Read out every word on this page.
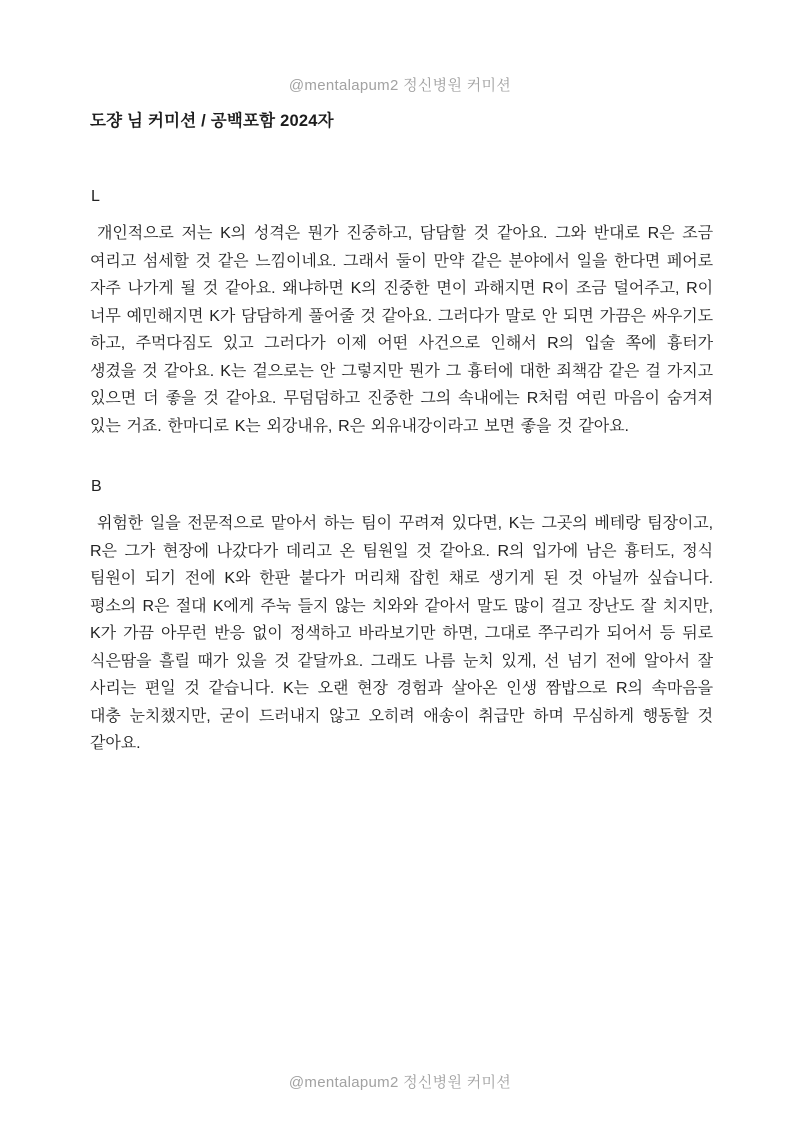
@mentalapum2 정신병원 커미션
도쟝 님 커미션 / 공백포함 2024자
L

개인적으로 저는 K의 성격은 뭔가 진중하고, 담담할 것 같아요. 그와 반대로 R은 조금 여리고 섬세할 것 같은 느낌이네요. 그래서 둘이 만약 같은 분야에서 일을 한다면 페어로 자주 나가게 될 것 같아요. 왜냐하면 K의 진중한 면이 과해지면 R이 조금 덜어주고, R이 너무 예민해지면 K가 담담하게 풀어줄 것 같아요. 그러다가 말로 안 되면 가끔은 싸우기도 하고, 주먹다짐도 있고 그러다가 이제 어떤 사건으로 인해서 R의 입술 쪽에 흉터가 생겼을 것 같아요. K는 겉으로는 안 그렇지만 뭔가 그 흉터에 대한 죄책감 같은 걸 가지고 있으면 더 좋을 것 같아요. 무덤덤하고 진중한 그의 속내에는 R처럼 여린 마음이 숨겨져 있는 거죠. 한마디로 K는 외강내유, R은 외유내강이라고 보면 좋을 것 같아요.

B

위험한 일을 전문적으로 맡아서 하는 팀이 꾸려져 있다면, K는 그곳의 베테랑 팀장이고, R은 그가 현장에 나갔다가 데리고 온 팀원일 것 같아요. R의 입가에 남은 흉터도, 정식 팀원이 되기 전에 K와 한판 붙다가 머리채 잡힌 채로 생기게 된 것 아닐까 싶습니다. 평소의 R은 절대 K에게 주눅 들지 않는 치와와 같아서 말도 많이 걸고 장난도 잘 치지만, K가 가끔 아무런 반응 없이 정색하고 바라보기만 하면, 그대로 쭈구리가 되어서 등 뒤로 식은땀을 흘릴 때가 있을 것 같달까요. 그래도 나름 눈치 있게, 선 넘기 전에 알아서 잘 사리는 편일 것 같습니다. K는 오랜 현장 경험과 살아온 인생 짬밥으로 R의 속마음을 대충 눈치챘지만, 굳이 드러내지 않고 오히려 애송이 취급만 하며 무심하게 행동할 것 같아요.

@mentalapum2 정신병원 커미션
